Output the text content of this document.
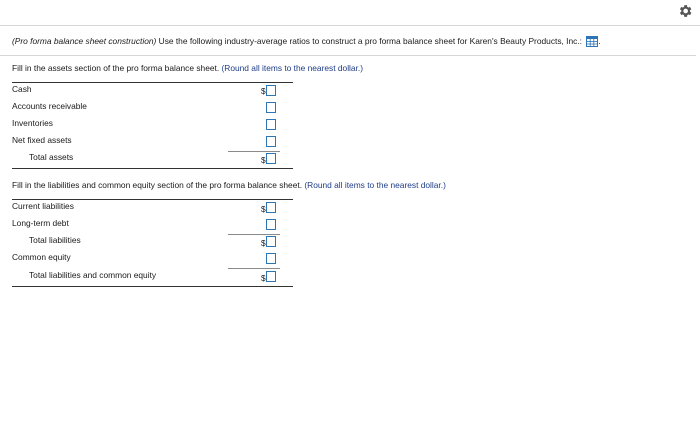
(Pro forma balance sheet construction) Use the following industry-average ratios to construct a pro forma balance sheet for Karen's Beauty Products, Inc.: .
Fill in the assets section of the pro forma balance sheet. (Round all items to the nearest dollar.)
Cash	$
Accounts receivable
Inventories
Net fixed assets
Total assets	$
Fill in the liabilities and common equity section of the pro forma balance sheet. (Round all items to the nearest dollar.)
Current liabilities	$
Long-term debt
Total liabilities	$
Common equity
Total liabilities and common equity	$
